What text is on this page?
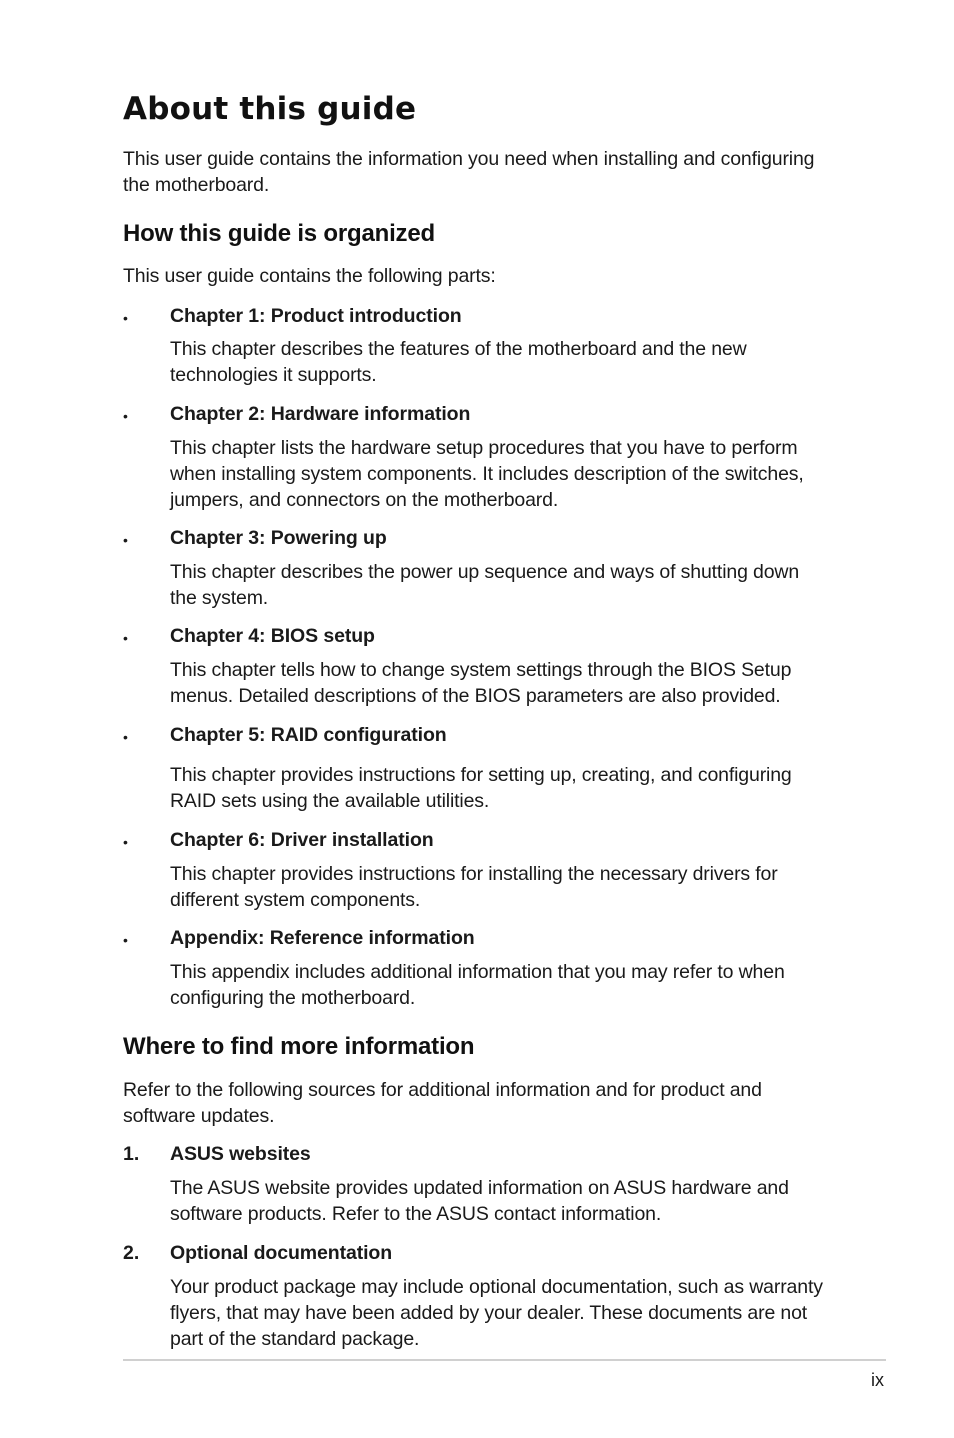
About this guide
This user guide contains the information you need when installing and configuring the motherboard.
How this guide is organized
This user guide contains the following parts:
• Chapter 1: Product introduction
This chapter describes the features of the motherboard and the new technologies it supports.
• Chapter 2: Hardware information
This chapter lists the hardware setup procedures that you have to perform when installing system components. It includes description of the switches, jumpers, and connectors on the motherboard.
• Chapter 3: Powering up
This chapter describes the power up sequence and ways of shutting down the system.
• Chapter 4: BIOS setup
This chapter tells how to change system settings through the BIOS Setup menus. Detailed descriptions of the BIOS parameters are also provided.
• Chapter 5: RAID configuration
This chapter provides instructions for setting up, creating, and configuring RAID sets using the available utilities.
• Chapter 6: Driver installation
This chapter provides instructions for installing the necessary drivers for different system components.
• Appendix: Reference information
This appendix includes additional information that you may refer to when configuring the motherboard.
Where to find more information
Refer to the following sources for additional information and for product and software updates.
1. ASUS websites
The ASUS website provides updated information on ASUS hardware and software products. Refer to the ASUS contact information.
2. Optional documentation
Your product package may include optional documentation, such as warranty flyers, that may have been added by your dealer. These documents are not part of the standard package.
ix
